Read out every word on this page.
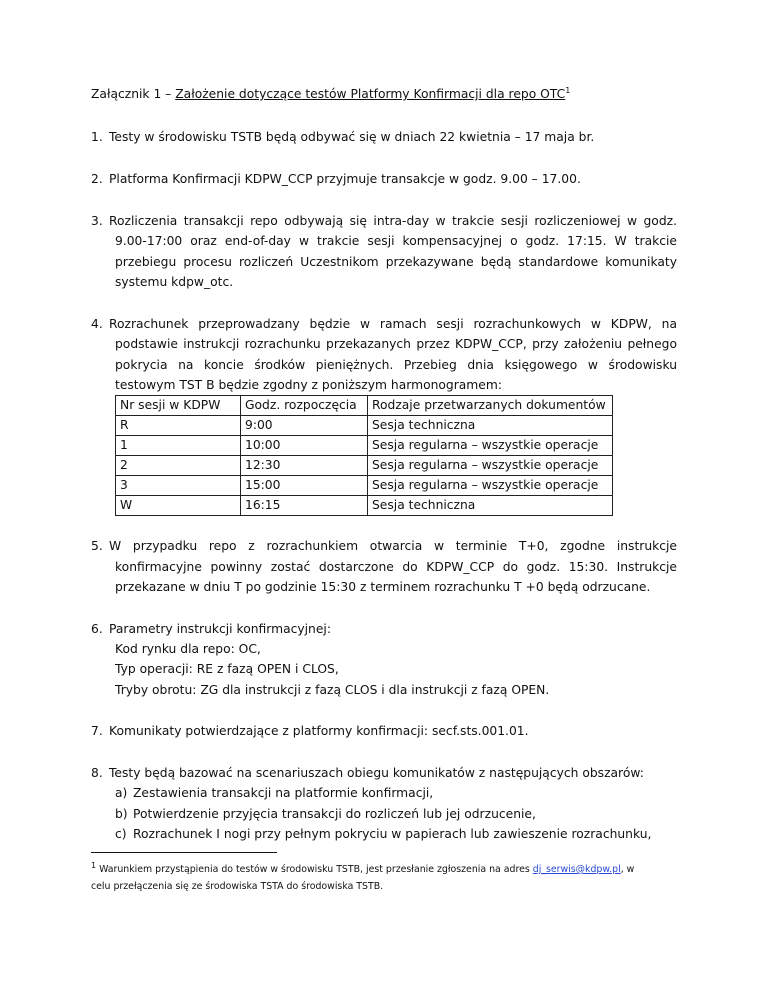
Załącznik 1 – Założenie dotyczące testów Platformy Konfirmacji dla repo OTC$^1$
1. Testy w środowisku TSTB będą odbywać się w dniach 22 kwietnia – 17 maja br.
2. Platforma Konfirmacji KDPW_CCP przyjmuje transakcje w godz. 9.00 – 17.00.
3. Rozliczenia transakcji repo odbywają się intra-day w trakcie sesji rozliczeniowej w godz.
9.00-17:00 oraz end-of-day w trakcie sesji kompensacyjnej o godz. 17:15. W trakcie
przebiegu procesu rozliczeń Uczestnikom przekazywane będą standardowe komunikaty
systemu kdpw_otc.
4. Rozrachunek przeprowadzany będzie w ramach sesji rozrachunkowych w KDPW, na
podstawie instrukcji rozrachunku przekazanych przez KDPW_CCP, przy założeniu pełnego
pokrycia na koncie środków pieniężnych. Przebieg dnia księgowego w środowisku
testowym TST B będzie zgodny z poniższym harmonogramem:
Nr sesji w KDPW	Godz. rozpoczęcia	Rodzaje przetwarzanych dokumentów
R	9:00	Sesja techniczna
1	10:00	Sesja regularna – wszystkie operacje
2	12:30	Sesja regularna – wszystkie operacje
3	15:00	Sesja regularna – wszystkie operacje
W	16:15	Sesja techniczna
5. W przypadku repo z rozrachunkiem otwarcia w terminie T+0, zgodne instrukcje
konfirmacyjne powinny zostać dostarczone do KDPW_CCP do godz. 15:30. Instrukcje
przekazane w dniu T po godzinie 15:30 z terminem rozrachunku T +0 będą odrzucane.
6. Parametry instrukcji konfirmacyjnej:
Kod rynku dla repo: OC,
Typ operacji: RE z fazą OPEN i CLOS,
Tryby obrotu: ZG dla instrukcji z fazą CLOS i dla instrukcji z fazą OPEN.
7. Komunikaty potwierdzające z platformy konfirmacji: secf.sts.001.01.
8. Testy będą bazować na scenariuszach obiegu komunikatów z następujących obszarów:
a) Zestawienia transakcji na platformie konfirmacji,
b) Potwierdzenie przyjęcia transakcji do rozliczeń lub jej odrzucenie,
c) Rozrachunek I nogi przy pełnym pokryciu w papierach lub zawieszenie rozrachunku,
$^1$ Warunkiem przystąpienia do testów w środowisku TSTB, jest przesłanie zgłoszenia na adres dj_serwis@kdpw.pl, w
celu przełączenia się ze środowiska TSTA do środowiska TSTB.
